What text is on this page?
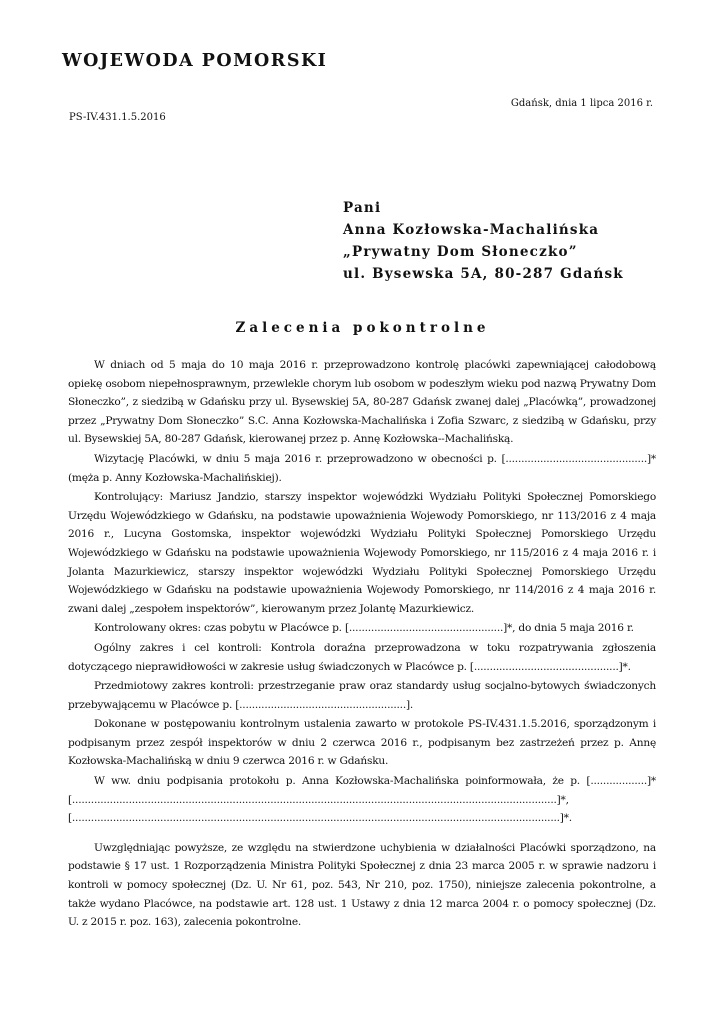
WOJEWODA POMORSKI
Gdańsk, dnia 1 lipca 2016 r.
PS-IV.431.1.5.2016
Pani
Anna Kozłowska-Machalińska
„Prywatny Dom Słoneczko”
ul. Bysewska 5A, 80-287 Gdańsk
Zalecenia pokontrolne

W dniach od 5 maja do 10 maja 2016 r. przeprowadzono kontrolę placówki zapewniającej całodobową opiekę osobom niepełnosprawnym, przewlekle chorym lub osobom w podeszłym wieku pod nazwą Prywatny Dom Słoneczko”, z siedzibą w Gdańsku przy ul. Bysewskiej 5A, 80-287 Gdańsk zwanej dalej „Placówką”, prowadzonej przez „Prywatny Dom Słoneczko” S.C. Anna Kozłowska-Machalińska i Zofia Szwarc, z siedzibą w Gdańsku, przy ul. Bysewskiej 5A, 80-287 Gdańsk, kierowanej przez p. Annę Kozłowska--Machalińską.

Wizytację Placówki, w dniu 5 maja 2016 r. przeprowadzono w obecności p. [.............................................]* (męża p. Anny Kozłowska-Machalińskiej).

Kontrolujący: Mariusz Jandzio, starszy inspektor wojewódzki Wydziału Polityki Społecznej Pomorskiego Urzędu Wojewódzkiego w Gdańsku, na podstawie upoważnienia Wojewody Pomorskiego, nr 113/2016 z 4 maja 2016 r., Lucyna Gostomska, inspektor wojewódzki Wydziału Polityki Społecznej Pomorskiego Urzędu Wojewódzkiego w Gdańsku na podstawie upoważnienia Wojewody Pomorskiego, nr 115/2016 z 4 maja 2016 r. i Jolanta Mazurkiewicz, starszy inspektor wojewódzki Wydziału Polityki Społecznej Pomorskiego Urzędu Wojewódzkiego w Gdańsku na podstawie upoważnienia Wojewody Pomorskiego, nr 114/2016 z 4 maja 2016 r. zwani dalej „zespołem inspektorów”, kierowanym przez Jolantę Mazurkiewicz.

Kontrolowany okres: czas pobytu w Placówce p. [.................................................]*, do dnia 5 maja 2016 r.

Ogólny zakres i cel kontroli: Kontrola doraźna przeprowadzona w toku rozpatrywania zgłoszenia dotyczącego nieprawidłowości w zakresie usług świadczonych w Placówce p. [..............................................]*.

Przedmiotowy zakres kontroli: przestrzeganie praw oraz standardy usług socjalno-bytowych świadczonych przebywającemu w Placówce p. [.....................................................].

Dokonane w postępowaniu kontrolnym ustalenia zawarto w protokole PS-IV.431.1.5.2016, sporządzonym i podpisanym przez zespół inspektorów w dniu 2 czerwca 2016 r., podpisanym bez zastrzeżeń przez p. Annę Kozłowska-Machalińską w dniu 9 czerwca 2016 r. w Gdańsku.

W ww. dniu podpisania protokołu p. Anna Kozłowska-Machalińska poinformowała, że p. [..................]* [..........................................................................................................................................................]*, [...........................................................................................................................................................]*.

Uwzględniając powyższe, ze względu na stwierdzone uchybienia w działalności Placówki sporządzono, na podstawie § 17 ust. 1 Rozporządzenia Ministra Polityki Społecznej z dnia 23 marca 2005 r. w sprawie nadzoru i kontroli w pomocy społecznej (Dz. U. Nr 61, poz. 543, Nr 210, poz. 1750), niniejsze zalecenia pokontrolne, a także wydano Placówce, na podstawie art. 128 ust. 1 Ustawy z dnia 12 marca 2004 r. o pomocy społecznej (Dz. U. z 2015 r. poz. 163), zalecenia pokontrolne.
